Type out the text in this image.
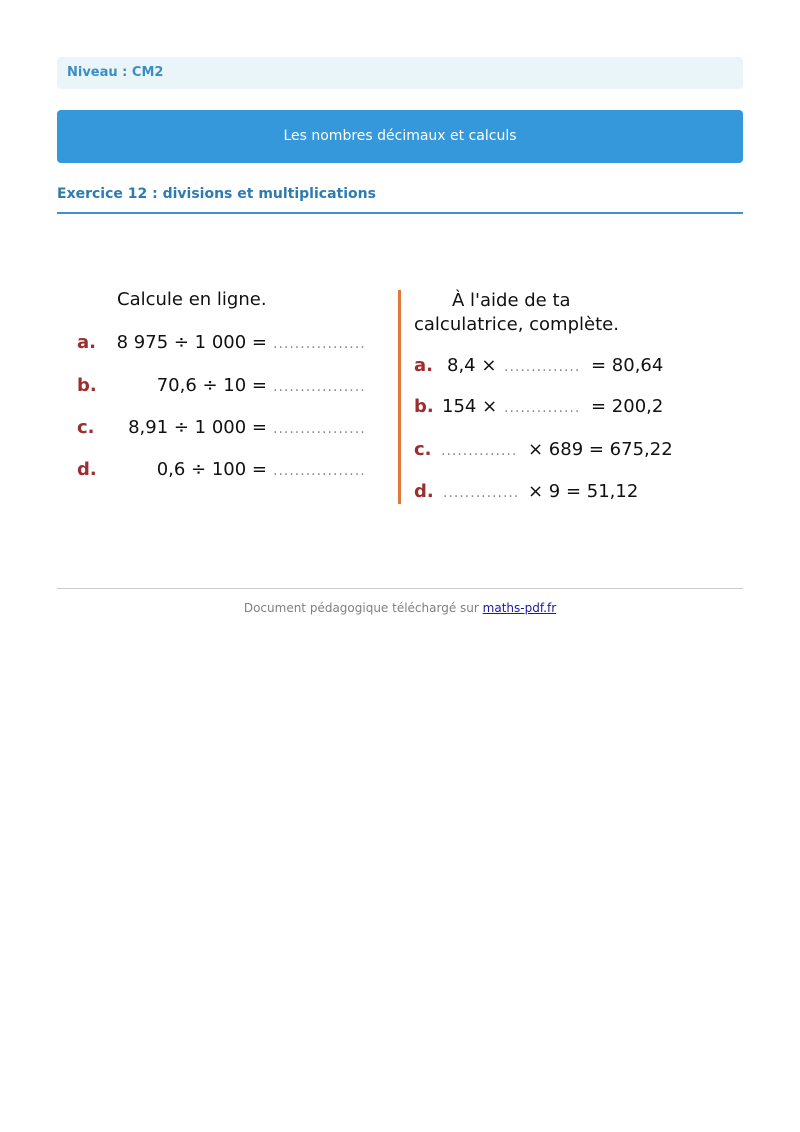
Niveau : CM2
Les nombres décimaux et calculs
Exercice 12 : divisions et multiplications
Calcule en ligne.
a. 8 975 ÷ 1 000 = .................
b.	70,6 ÷ 10 = .................
c. 8,91 ÷ 1 000 = .................
d.	0,6 ÷ 100 = .................
À l'aide de ta
calculatrice, complète.
a. 8,4 × .............. = 80,64
b. 154 × .............. = 200,2
c. .............. × 689 = 675,22
d. .............. × 9 = 51,12
Document pédagogique téléchargé sur maths-pdf.fr
